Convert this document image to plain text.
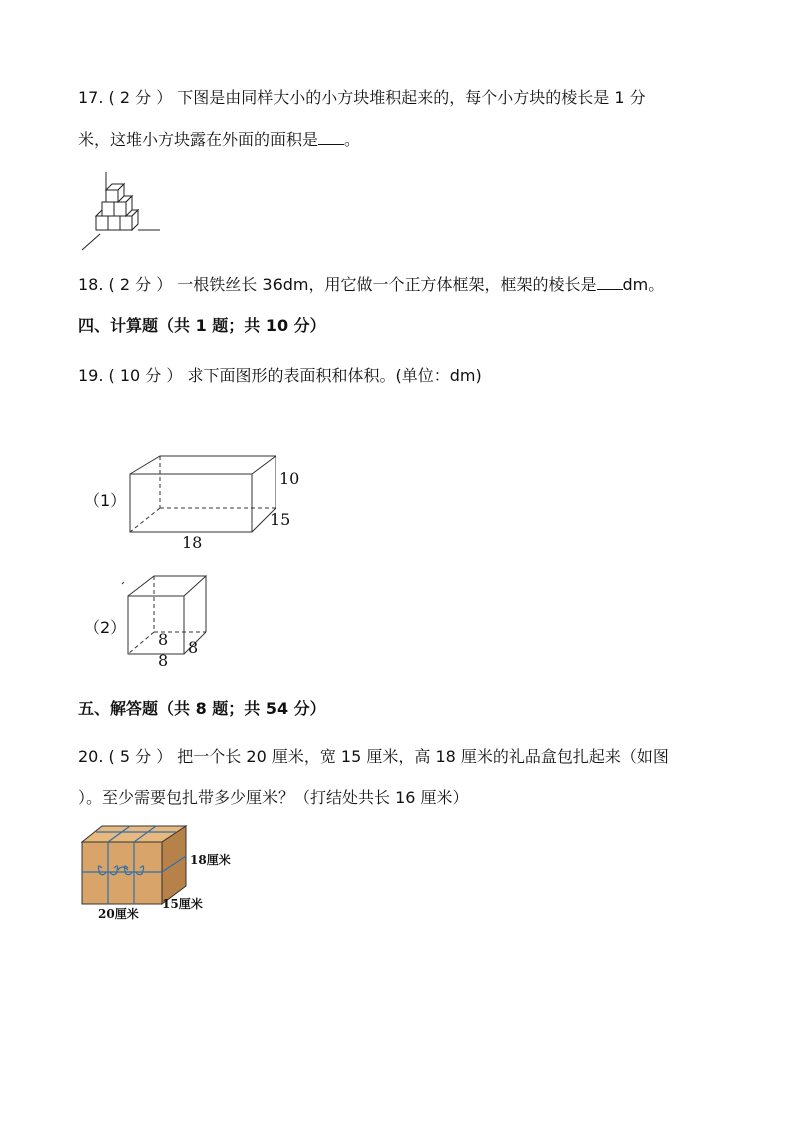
17. ( 2 分 ） 下图是由同样大小的小方块堆积起来的，每个小方块的棱长是 1 分
米，这堆小方块露在外面的面积是 。
18. ( 2 分 ） 一根铁丝长 36dm，用它做一个正方体框架，框架的棱长是 dm。
四、计算题（共 1 题；共 10 分）
19. ( 10 分 ） 求下面图形的表面积和体积。(单位：dm)
（1）
10
15
18
（2）
8 8
8
五、解答题（共 8 题；共 54 分）
20. ( 5 分 ） 把一个长 20 厘米，宽 15 厘米，高 18 厘米的礼品盒包扎起来（如图
）。至少需要包扎带多少厘米？（打结处共长 16 厘米）
18厘米
15厘米
20厘米
